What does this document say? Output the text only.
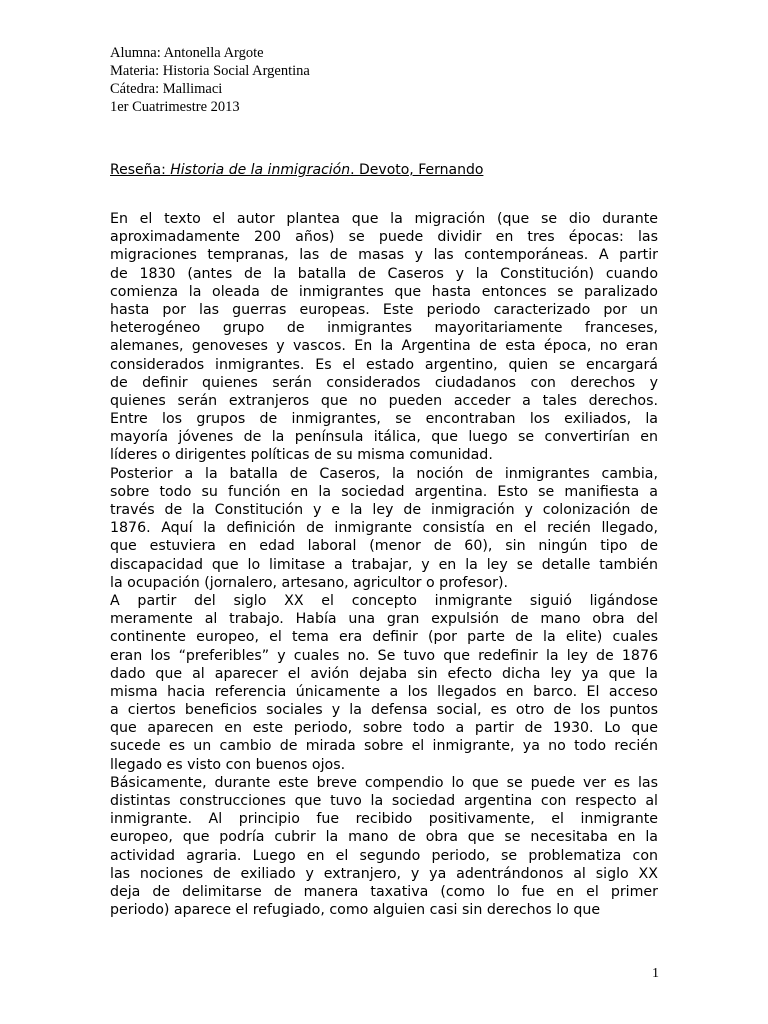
Alumna: Antonella Argote
Materia: Historia Social Argentina
Cátedra: Mallimaci
1er Cuatrimestre 2013
Reseña: Historia de la inmigración. Devoto, Fernando
En el texto el autor plantea que la migración (que se dio durante
aproximadamente 200 años) se puede dividir en tres épocas: las
migraciones tempranas, las de masas y las contemporáneas. A partir
de 1830 (antes de la batalla de Caseros y la Constitución) cuando
comienza la oleada de inmigrantes que hasta entonces se paralizado
hasta por las guerras europeas. Este periodo caracterizado por un
heterogéneo grupo de inmigrantes mayoritariamente franceses,
alemanes, genoveses y vascos. En la Argentina de esta época, no eran
considerados inmigrantes. Es el estado argentino, quien se encargará
de definir quienes serán considerados ciudadanos con derechos y
quienes serán extranjeros que no pueden acceder a tales derechos.
Entre los grupos de inmigrantes, se encontraban los exiliados, la
mayoría jóvenes de la península itálica, que luego se convertirían en
líderes o dirigentes políticas de su misma comunidad.
Posterior a la batalla de Caseros, la noción de inmigrantes cambia,
sobre todo su función en la sociedad argentina. Esto se manifiesta a
través de la Constitución y e la ley de inmigración y colonización de
1876. Aquí la definición de inmigrante consistía en el recién llegado,
que estuviera en edad laboral (menor de 60), sin ningún tipo de
discapacidad que lo limitase a trabajar, y en la ley se detalle también
la ocupación (jornalero, artesano, agricultor o profesor).
A partir del siglo XX el concepto inmigrante siguió ligándose
meramente al trabajo. Había una gran expulsión de mano obra del
continente europeo, el tema era definir (por parte de la elite) cuales
eran los “preferibles” y cuales no. Se tuvo que redefinir la ley de 1876
dado que al aparecer el avión dejaba sin efecto dicha ley ya que la
misma hacia referencia únicamente a los llegados en barco. El acceso
a ciertos beneficios sociales y la defensa social, es otro de los puntos
que aparecen en este periodo, sobre todo a partir de 1930. Lo que
sucede es un cambio de mirada sobre el inmigrante, ya no todo recién
llegado es visto con buenos ojos.
Básicamente, durante este breve compendio lo que se puede ver es las
distintas construcciones que tuvo la sociedad argentina con respecto al
inmigrante. Al principio fue recibido positivamente, el inmigrante
europeo, que podría cubrir la mano de obra que se necesitaba en la
actividad agraria. Luego en el segundo periodo, se problematiza con
las nociones de exiliado y extranjero, y ya adentrándonos al siglo XX
deja de delimitarse de manera taxativa (como lo fue en el primer
periodo) aparece el refugiado, como alguien casi sin derechos lo que
1
